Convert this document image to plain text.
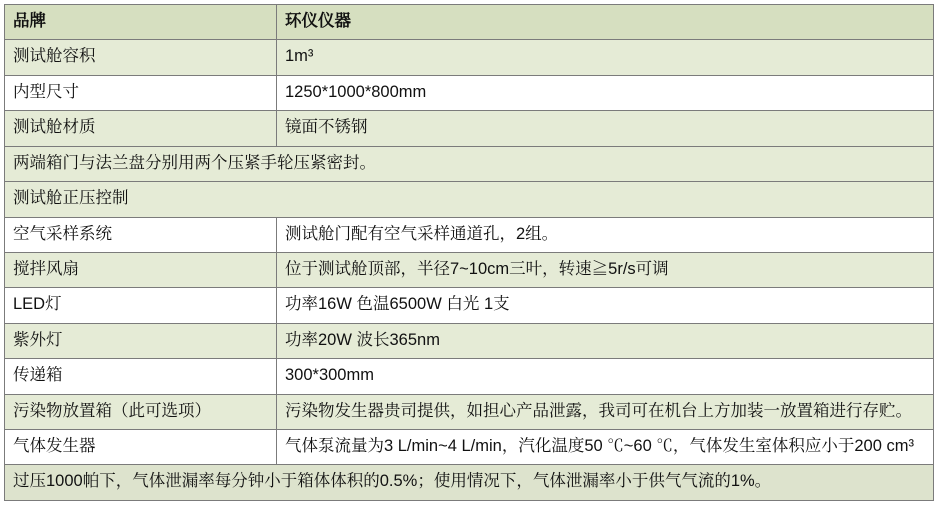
品牌	环仪仪器
测试舱容积	1m³
内型尺寸	1250*1000*800mm
测试舱材质	镜面不锈钢
两端箱门与法兰盘分别用两个压紧手轮压紧密封。	
测试舱正压控制	
空气采样系统	测试舱门配有空气采样通道孔，2组。
搅拌风扇	位于测试舱顶部，半径7~10cm三叶，转速≧5r/s可调
LED灯	功率16W 色温6500W 白光 1支
紫外灯	功率20W 波长365nm
传递箱	300*300mm
污染物放置箱（此可选项）	污染物发生器贵司提供，如担心产品泄露，我司可在机台上方加装一放置箱进行存贮。
气体发生器	气体泵流量为3 L/min~4 L/min，汽化温度50 ℃~60 ℃，气体发生室体积应小于200 cm³
过压1000帕下，气体泄漏率每分钟小于箱体体积的0.5%；使用情况下，气体泄漏率小于供气气流的1%。	
